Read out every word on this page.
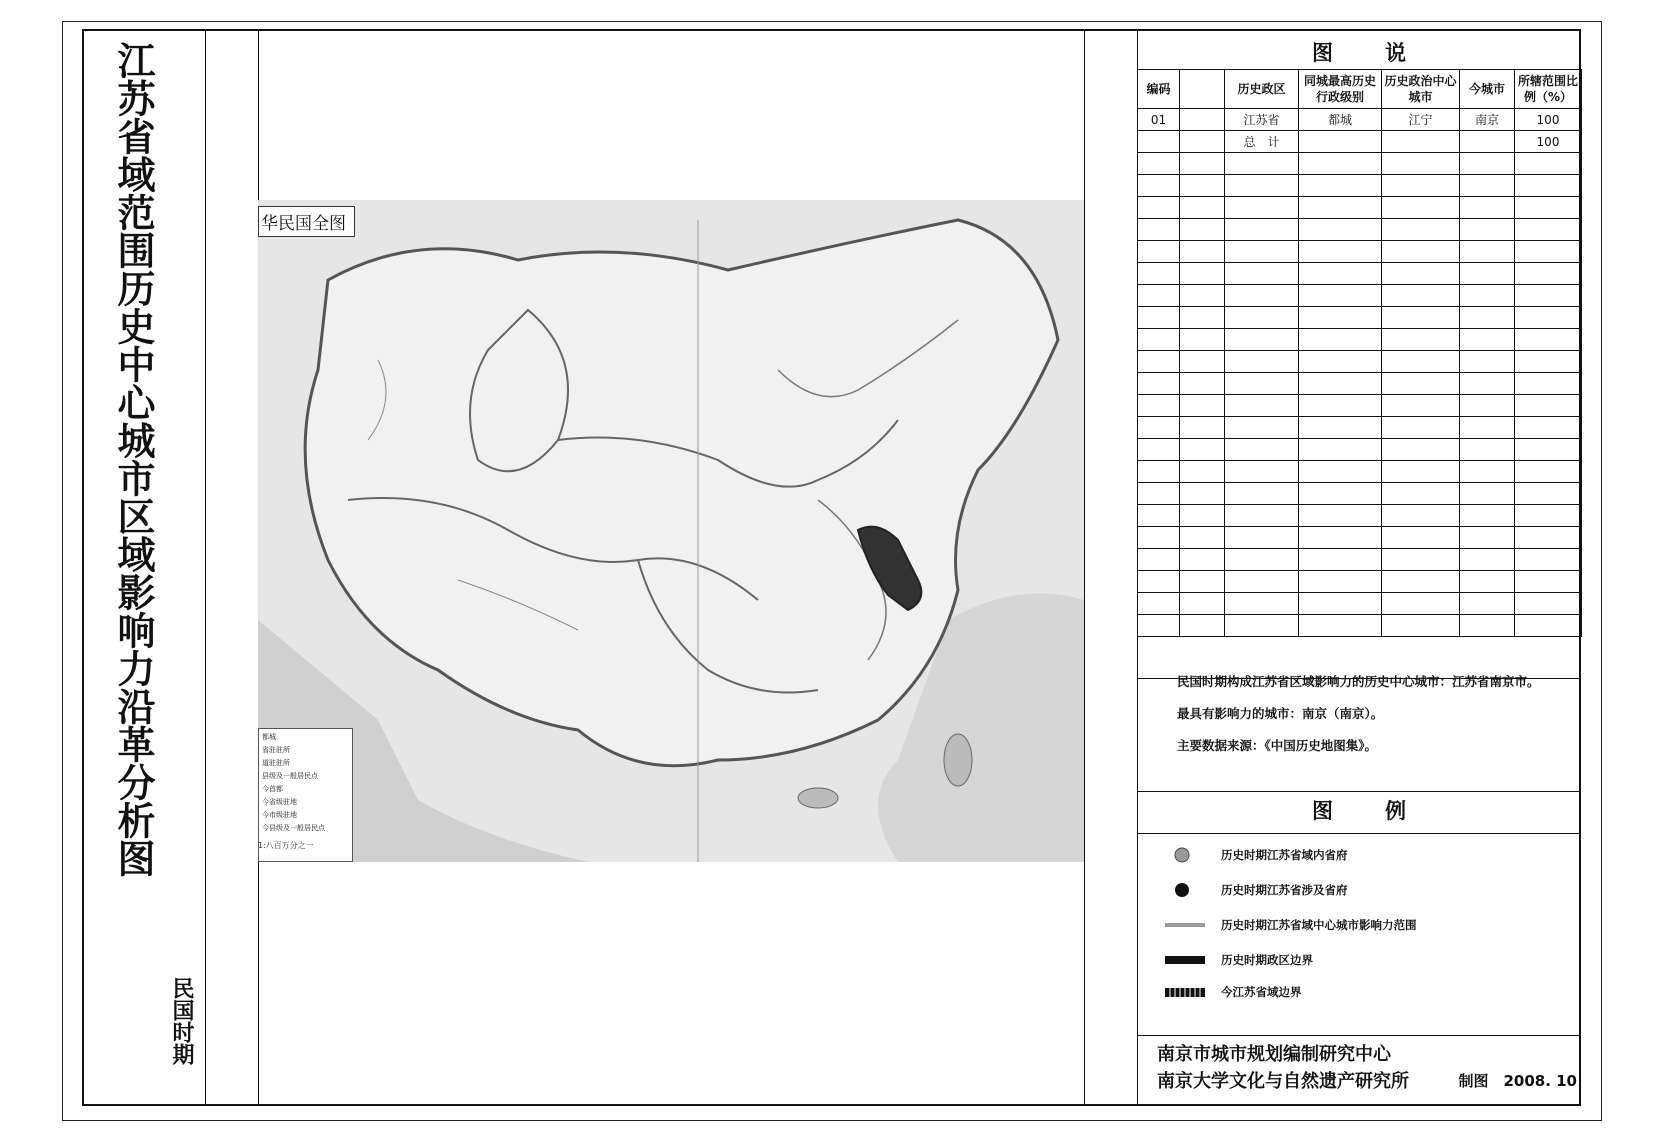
江苏省域范围历史中心城市区域影响力沿革分析图
民国时期
华民国全图
都城
省驻驻所
道驻驻所
县级及一般居民点
今首都
今省级驻地
今市级驻地
今县级及一般居民点
1:八百万分之一
图说
编码		历史政区	同城最高历史行政级别	历史政治中心城市	今城市	所辖范围比例（%）
01		江苏省	都城	江宁	南京	100
		总　计				100

民国时期构成江苏省区域影响力的历史中心城市：江苏省南京市。
最具有影响力的城市：南京（南京）。
主要数据来源：《中国历史地图集》。
图例
历史时期江苏省域内省府
历史时期江苏省涉及省府
历史时期江苏省域中心城市影响力范围
历史时期政区边界
今江苏省域边界
南京市城市规划编制研究中心
南京大学文化与自然遗产研究所	制图　2008. 10
